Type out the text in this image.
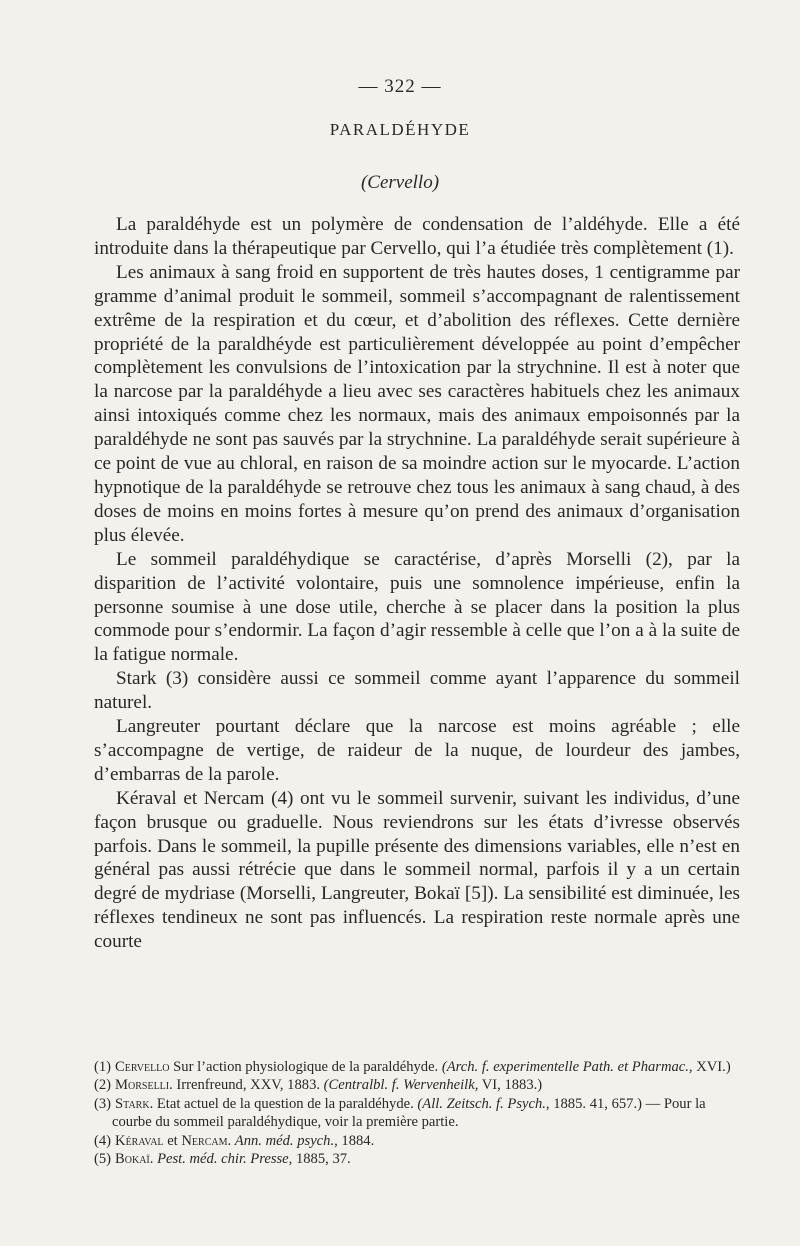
— 322 —
PARALDÉHYDE
(Cervello)

La paraldéhyde est un polymère de condensation de l’aldéhyde. Elle a été introduite dans la thérapeutique par Cervello, qui l’a étudiée très complètement (1).

Les animaux à sang froid en supportent de très hautes doses, 1 centigramme par gramme d’animal produit le sommeil, sommeil s’accompagnant de ralentissement extrême de la respiration et du cœur, et d’abolition des réflexes. Cette dernière propriété de la paraldhéyde est particulièrement développée au point d’empêcher complètement les convulsions de l’intoxication par la strychnine. Il est à noter que la narcose par la paraldéhyde a lieu avec ses caractères habituels chez les animaux ainsi intoxiqués comme chez les normaux, mais des animaux empoisonnés par la paraldéhyde ne sont pas sauvés par la strychnine. La paraldéhyde serait supérieure à ce point de vue au chloral, en raison de sa moindre action sur le myocarde. L’action hypnotique de la paraldéhyde se retrouve chez tous les animaux à sang chaud, à des doses de moins en moins fortes à mesure qu’on prend des animaux d’organisation plus élevée.

Le sommeil paraldéhydique se caractérise, d’après Morselli (2), par la disparition de l’activité volontaire, puis une somnolence impérieuse, enfin la personne soumise à une dose utile, cherche à se placer dans la position la plus commode pour s’endormir. La façon d’agir ressemble à celle que l’on a à la suite de la fatigue normale.

Stark (3) considère aussi ce sommeil comme ayant l’apparence du sommeil naturel.

Langreuter pourtant déclare que la narcose est moins agréable ; elle s’accompagne de vertige, de raideur de la nuque, de lourdeur des jambes, d’embarras de la parole.

Kéraval et Nercam (4) ont vu le sommeil survenir, suivant les individus, d’une façon brusque ou graduelle. Nous reviendrons sur les états d’ivresse observés parfois. Dans le sommeil, la pupille présente des dimensions variables, elle n’est en général pas aussi rétrécie que dans le sommeil normal, parfois il y a un certain degré de mydriase (Morselli, Langreuter, Bokaï [5]). La sensibilité est diminuée, les réflexes tendineux ne sont pas influencés. La respiration reste normale après une courte

(1) Cervello Sur l’action physiologique de la paraldéhyde. (Arch. f. experimentelle Path. et Pharmac., XVI.)

(2) Morselli. Irrenfreund, XXV, 1883. (Centralbl. f. Wervenheilk, VI, 1883.)

(3) Stark. Etat actuel de la question de la paraldéhyde. (All. Zeitsch. f. Psych., 1885. 41, 657.) — Pour la courbe du sommeil paraldéhydique, voir la première partie.

(4) Kéraval et Nercam. Ann. méd. psych., 1884.

(5) Bokaï. Pest. méd. chir. Presse, 1885, 37.
